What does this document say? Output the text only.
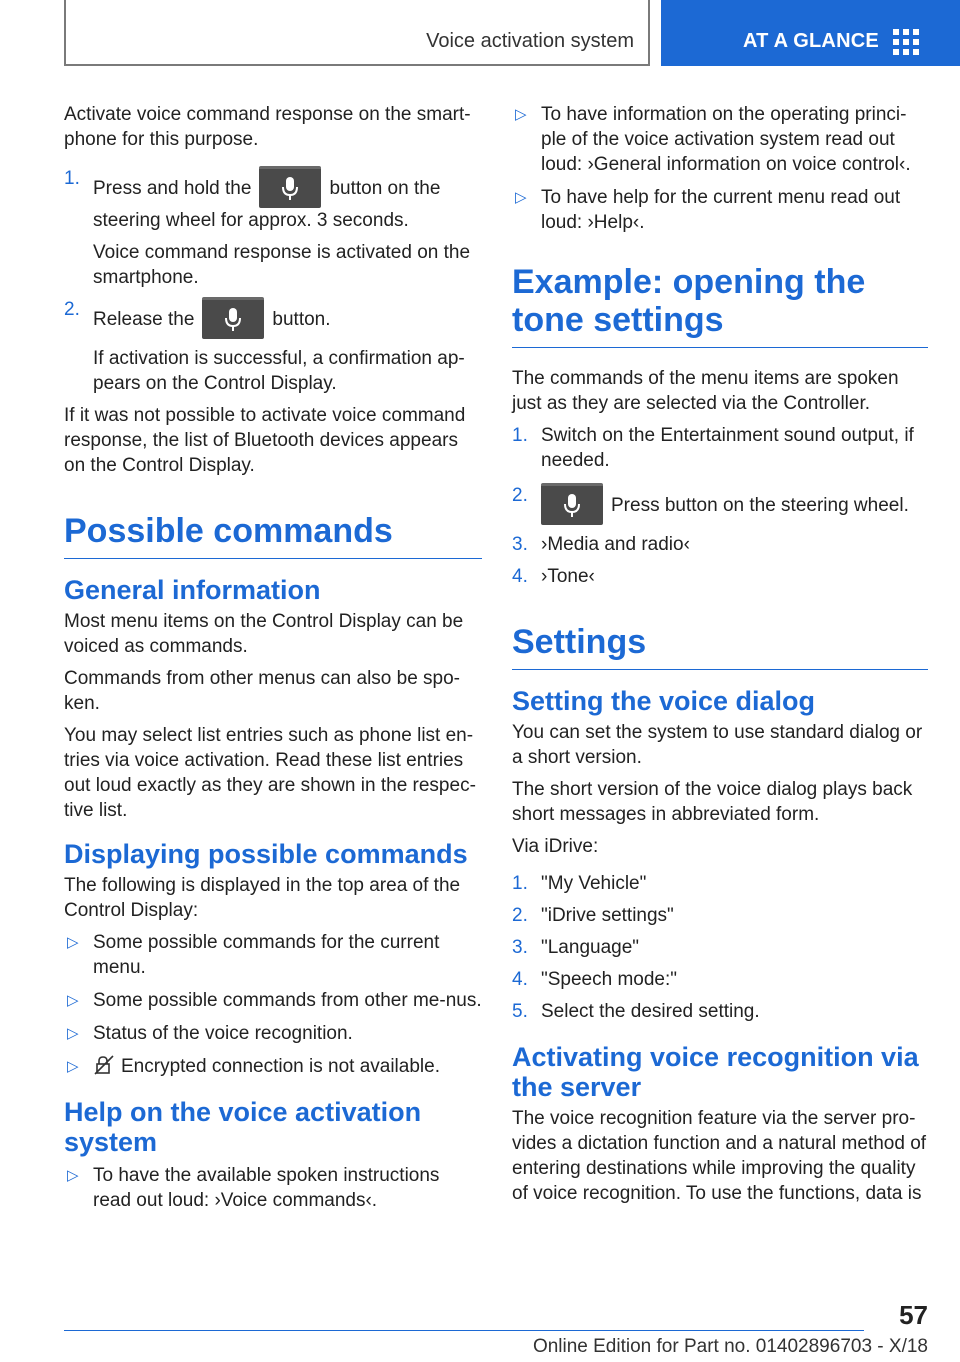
Voice activation system	AT A GLANCE

Activate voice command response on the smart-phone for this purpose.

1. Press and hold the	button on the steering wheel for approx. 3 seconds.
Voice command response is activated on the smartphone.
2. Release the	button.
If activation is successful, a confirmation ap-pears on the Control Display.

If it was not possible to activate voice command response, the list of Bluetooth devices appears on the Control Display.

Possible commands
General information

Most menu items on the Control Display can be voiced as commands.

Commands from other menus can also be spo-ken.

You may select list entries such as phone list en-tries via voice activation. Read these list entries out loud exactly as they are shown in the respec-tive list.

Displaying possible commands

The following is displayed in the top area of the Control Display:

▷ Some possible commands for the current menu.
▷ Some possible commands from other me-nus.
▷ Status of the voice recognition.
▷ Encrypted connection is not available.
Help on the voice activation system
▷ To have the available spoken instructions read out loud: ›Voice commands‹.
▷ To have information on the operating princi-ple of the voice activation system read out loud: ›General information on voice control‹.
▷ To have help for the current menu read out loud: ›Help‹.
Example: opening the tone settings

The commands of the menu items are spoken just as they are selected via the Controller.

1. Switch on the Entertainment sound output, if needed.
2.	Press button on the steering wheel.
3. ›Media and radio‹
4. ›Tone‹
Settings
Setting the voice dialog

You can set the system to use standard dialog or a short version.

The short version of the voice dialog plays back short messages in abbreviated form.

Via iDrive:

1. "My Vehicle"
2. "iDrive settings"
3. "Language"
4. "Speech mode:"
5. Select the desired setting.
Activating voice recognition via the server

The voice recognition feature via the server pro-vides a dictation function and a natural method of entering destinations while improving the quality of voice recognition. To use the functions, data is

57
Online Edition for Part no. 01402896703 - X/18
